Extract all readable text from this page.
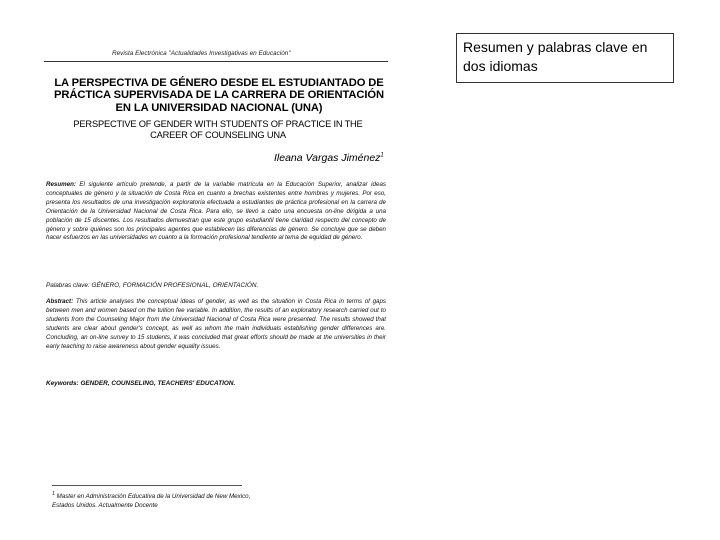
Revista Electrónica "Actualidades Investigativas en Educación"
LA PERSPECTIVA DE GÉNERO DESDE EL ESTUDIANTADO DE PRÁCTICA SUPERVISADA DE LA CARRERA DE ORIENTACIÓN EN LA UNIVERSIDAD NACIONAL (UNA)
PERSPECTIVE OF GENDER WITH STUDENTS OF PRACTICE IN THE CAREER OF COUNSELING UNA
Ileana Vargas Jiménez$^1$

Resumen: El siguiente artículo pretende, a partir de la variable matrícula en la Educación Superior, analizar ideas conceptuales de género y la situación de Costa Rica en cuanto a brechas existentes entre hombres y mujeres. Por eso, presenta los resultados de una investigación exploratoria efectuada a estudiantes de práctica profesional en la carrera de Orientación de la Universidad Nacional de Costa Rica. Para ello, se llevó a cabo una encuesta on-line dirigida a una población de 15 discentes. Los resultados demuestran que este grupo estudiantil tiene claridad respecto del concepto de género y sobre quiénes son los principales agentes que establecen las diferencias de género. Se concluye que se deben hacer esfuerzos en las universidades en cuanto a la formación profesional tendiente al tema de equidad de género.

Palabras clave: GÉNERO, FORMACIÓN PROFESIONAL, ORIENTACIÓN.

Abstract: This article analyses the conceptual ideas of gender, as well as the situation in Costa Rica in terms of gaps between men and women based on the tuition fee variable. In addition, the results of an exploratory research carried out to students from the Counseling Major from the Universidad Nacional of Costa Rica were presented. The results showed that students are clear about gender's concept, as well as whom the main individuals establishing gender differences are. Concluding, an on-line survey to 15 students, it was concluded that great efforts should be made at the universities in their early teaching to raise awareness about gender equality issues.

Keywords: GENDER, COUNSELING, TEACHERS' EDUCATION.
$^1$ Master en Administración Educativa de la Universidad de New Mexico, Estados Unidos. Actualmente Docente
Resumen y palabras clave en dos idiomas
